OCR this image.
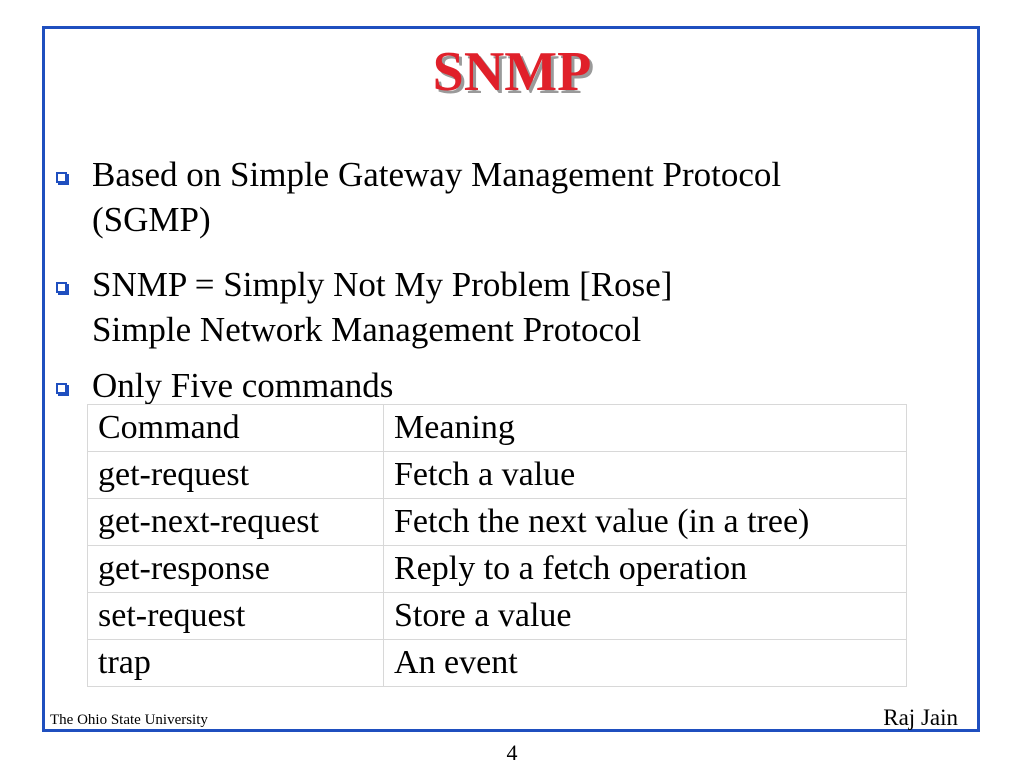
SNMP
Based on Simple Gateway Management Protocol
(SGMP)
SNMP = Simply Not My Problem [Rose]
Simple Network Management Protocol
Only Five commands
Command	Meaning
get-request	Fetch a value
get-next-request	Fetch the next value (in a tree)
get-response	Reply to a fetch operation
set-request	Store a value
trap	An event
The Ohio State University	Raj Jain
4
